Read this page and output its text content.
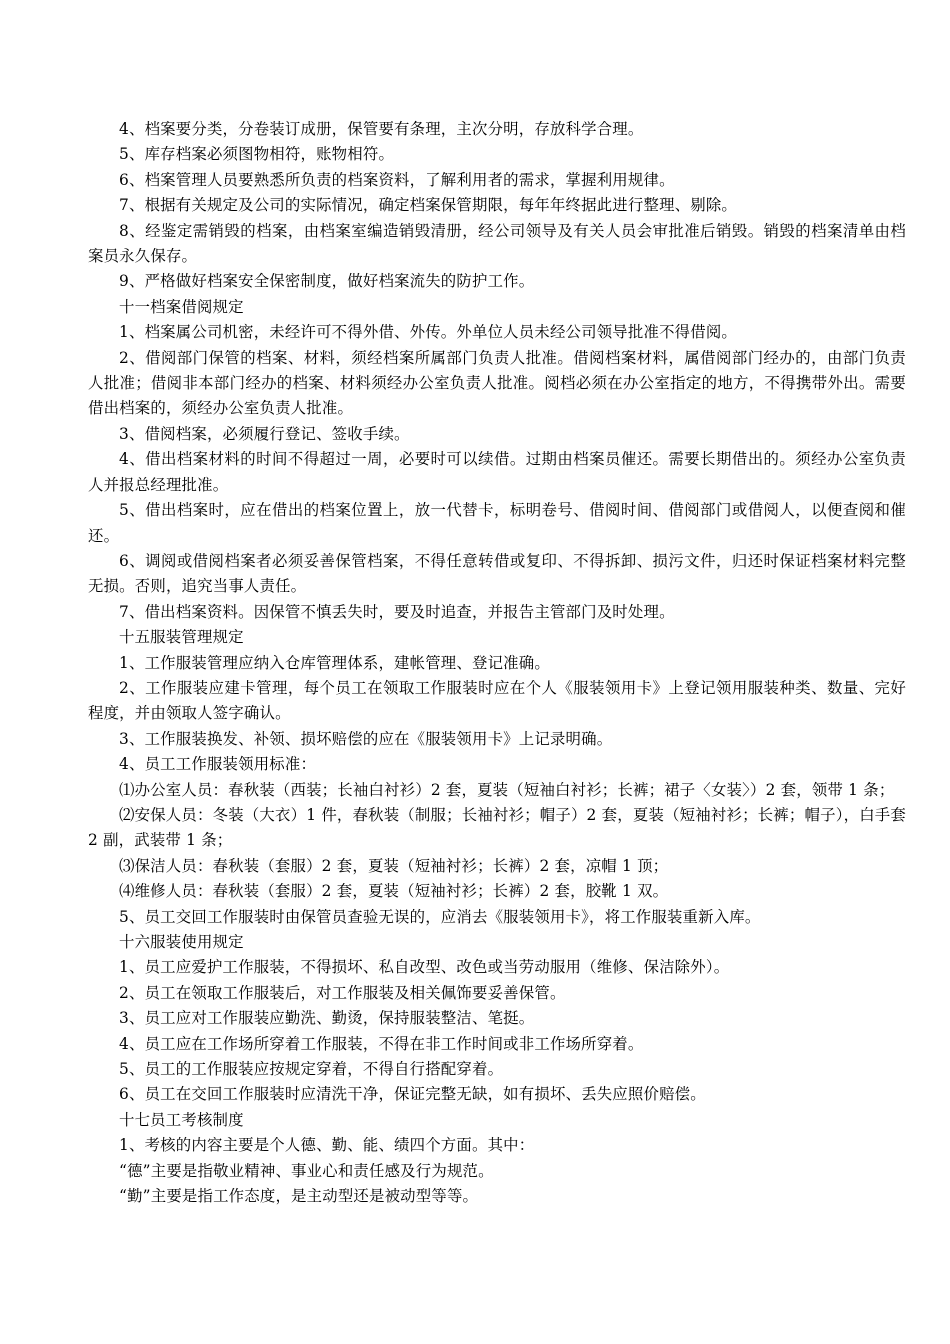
4、档案要分类，分卷装订成册，保管要有条理，主次分明，存放科学合理。

5、库存档案必须图物相符，账物相符。

6、档案管理人员要熟悉所负责的档案资料，了解利用者的需求，掌握利用规律。

7、根据有关规定及公司的实际情况，确定档案保管期限，每年年终据此进行整理、剔除。

8、经鉴定需销毁的档案，由档案室编造销毁清册，经公司领导及有关人员会审批准后销毁。销毁的档案清单由档案员永久保存。

9、严格做好档案安全保密制度，做好档案流失的防护工作。

十一档案借阅规定

1、档案属公司机密，未经许可不得外借、外传。外单位人员未经公司领导批准不得借阅。

2、借阅部门保管的档案、材料，须经档案所属部门负责人批准。借阅档案材料，属借阅部门经办的，由部门负责人批准；借阅非本部门经办的档案、材料须经办公室负责人批准。阅档必须在办公室指定的地方，不得携带外出。需要借出档案的，须经办公室负责人批准。

3、借阅档案，必须履行登记、签收手续。

4、借出档案材料的时间不得超过一周，必要时可以续借。过期由档案员催还。需要长期借出的。须经办公室负责人并报总经理批准。

5、借出档案时，应在借出的档案位置上，放一代替卡，标明卷号、借阅时间、借阅部门或借阅人，以便查阅和催还。

6、调阅或借阅档案者必须妥善保管档案，不得任意转借或复印、不得拆卸、损污文件，归还时保证档案材料完整无损。否则，追究当事人责任。

7、借出档案资料。因保管不慎丢失时，要及时追查，并报告主管部门及时处理。

十五服装管理规定

1、工作服装管理应纳入仓库管理体系，建帐管理、登记准确。

2、工作服装应建卡管理，每个员工在领取工作服装时应在个人《服装领用卡》上登记领用服装种类、数量、完好程度，并由领取人签字确认。

3、工作服装换发、补领、损坏赔偿的应在《服装领用卡》上记录明确。

4、员工工作服装领用标准：

⑴办公室人员：春秋装（西装；长袖白衬衫）2 套，夏装（短袖白衬衫；长裤；裙子〈女装〉）2 套，领带 1 条；

⑵安保人员：冬装（大衣）1 件，春秋装（制服；长袖衬衫；帽子）2 套，夏装（短袖衬衫；长裤；帽子），白手套 2 副，武装带 1 条；

⑶保洁人员：春秋装（套服）2 套，夏装（短袖衬衫；长裤）2 套，凉帽 1 顶；

⑷维修人员：春秋装（套服）2 套，夏装（短袖衬衫；长裤）2 套，胶靴 1 双。

5、员工交回工作服装时由保管员查验无误的，应消去《服装领用卡》，将工作服装重新入库。

十六服装使用规定

1、员工应爱护工作服装，不得损坏、私自改型、改色或当劳动服用（维修、保洁除外）。

2、员工在领取工作服装后，对工作服装及相关佩饰要妥善保管。

3、员工应对工作服装应勤洗、勤烫，保持服装整洁、笔挺。

4、员工应在工作场所穿着工作服装，不得在非工作时间或非工作场所穿着。

5、员工的工作服装应按规定穿着，不得自行搭配穿着。

6、员工在交回工作服装时应清洗干净，保证完整无缺，如有损坏、丢失应照价赔偿。

十七员工考核制度

1、考核的内容主要是个人德、勤、能、绩四个方面。其中：

“德”主要是指敬业精神、事业心和责任感及行为规范。

“勤”主要是指工作态度，是主动型还是被动型等等。
